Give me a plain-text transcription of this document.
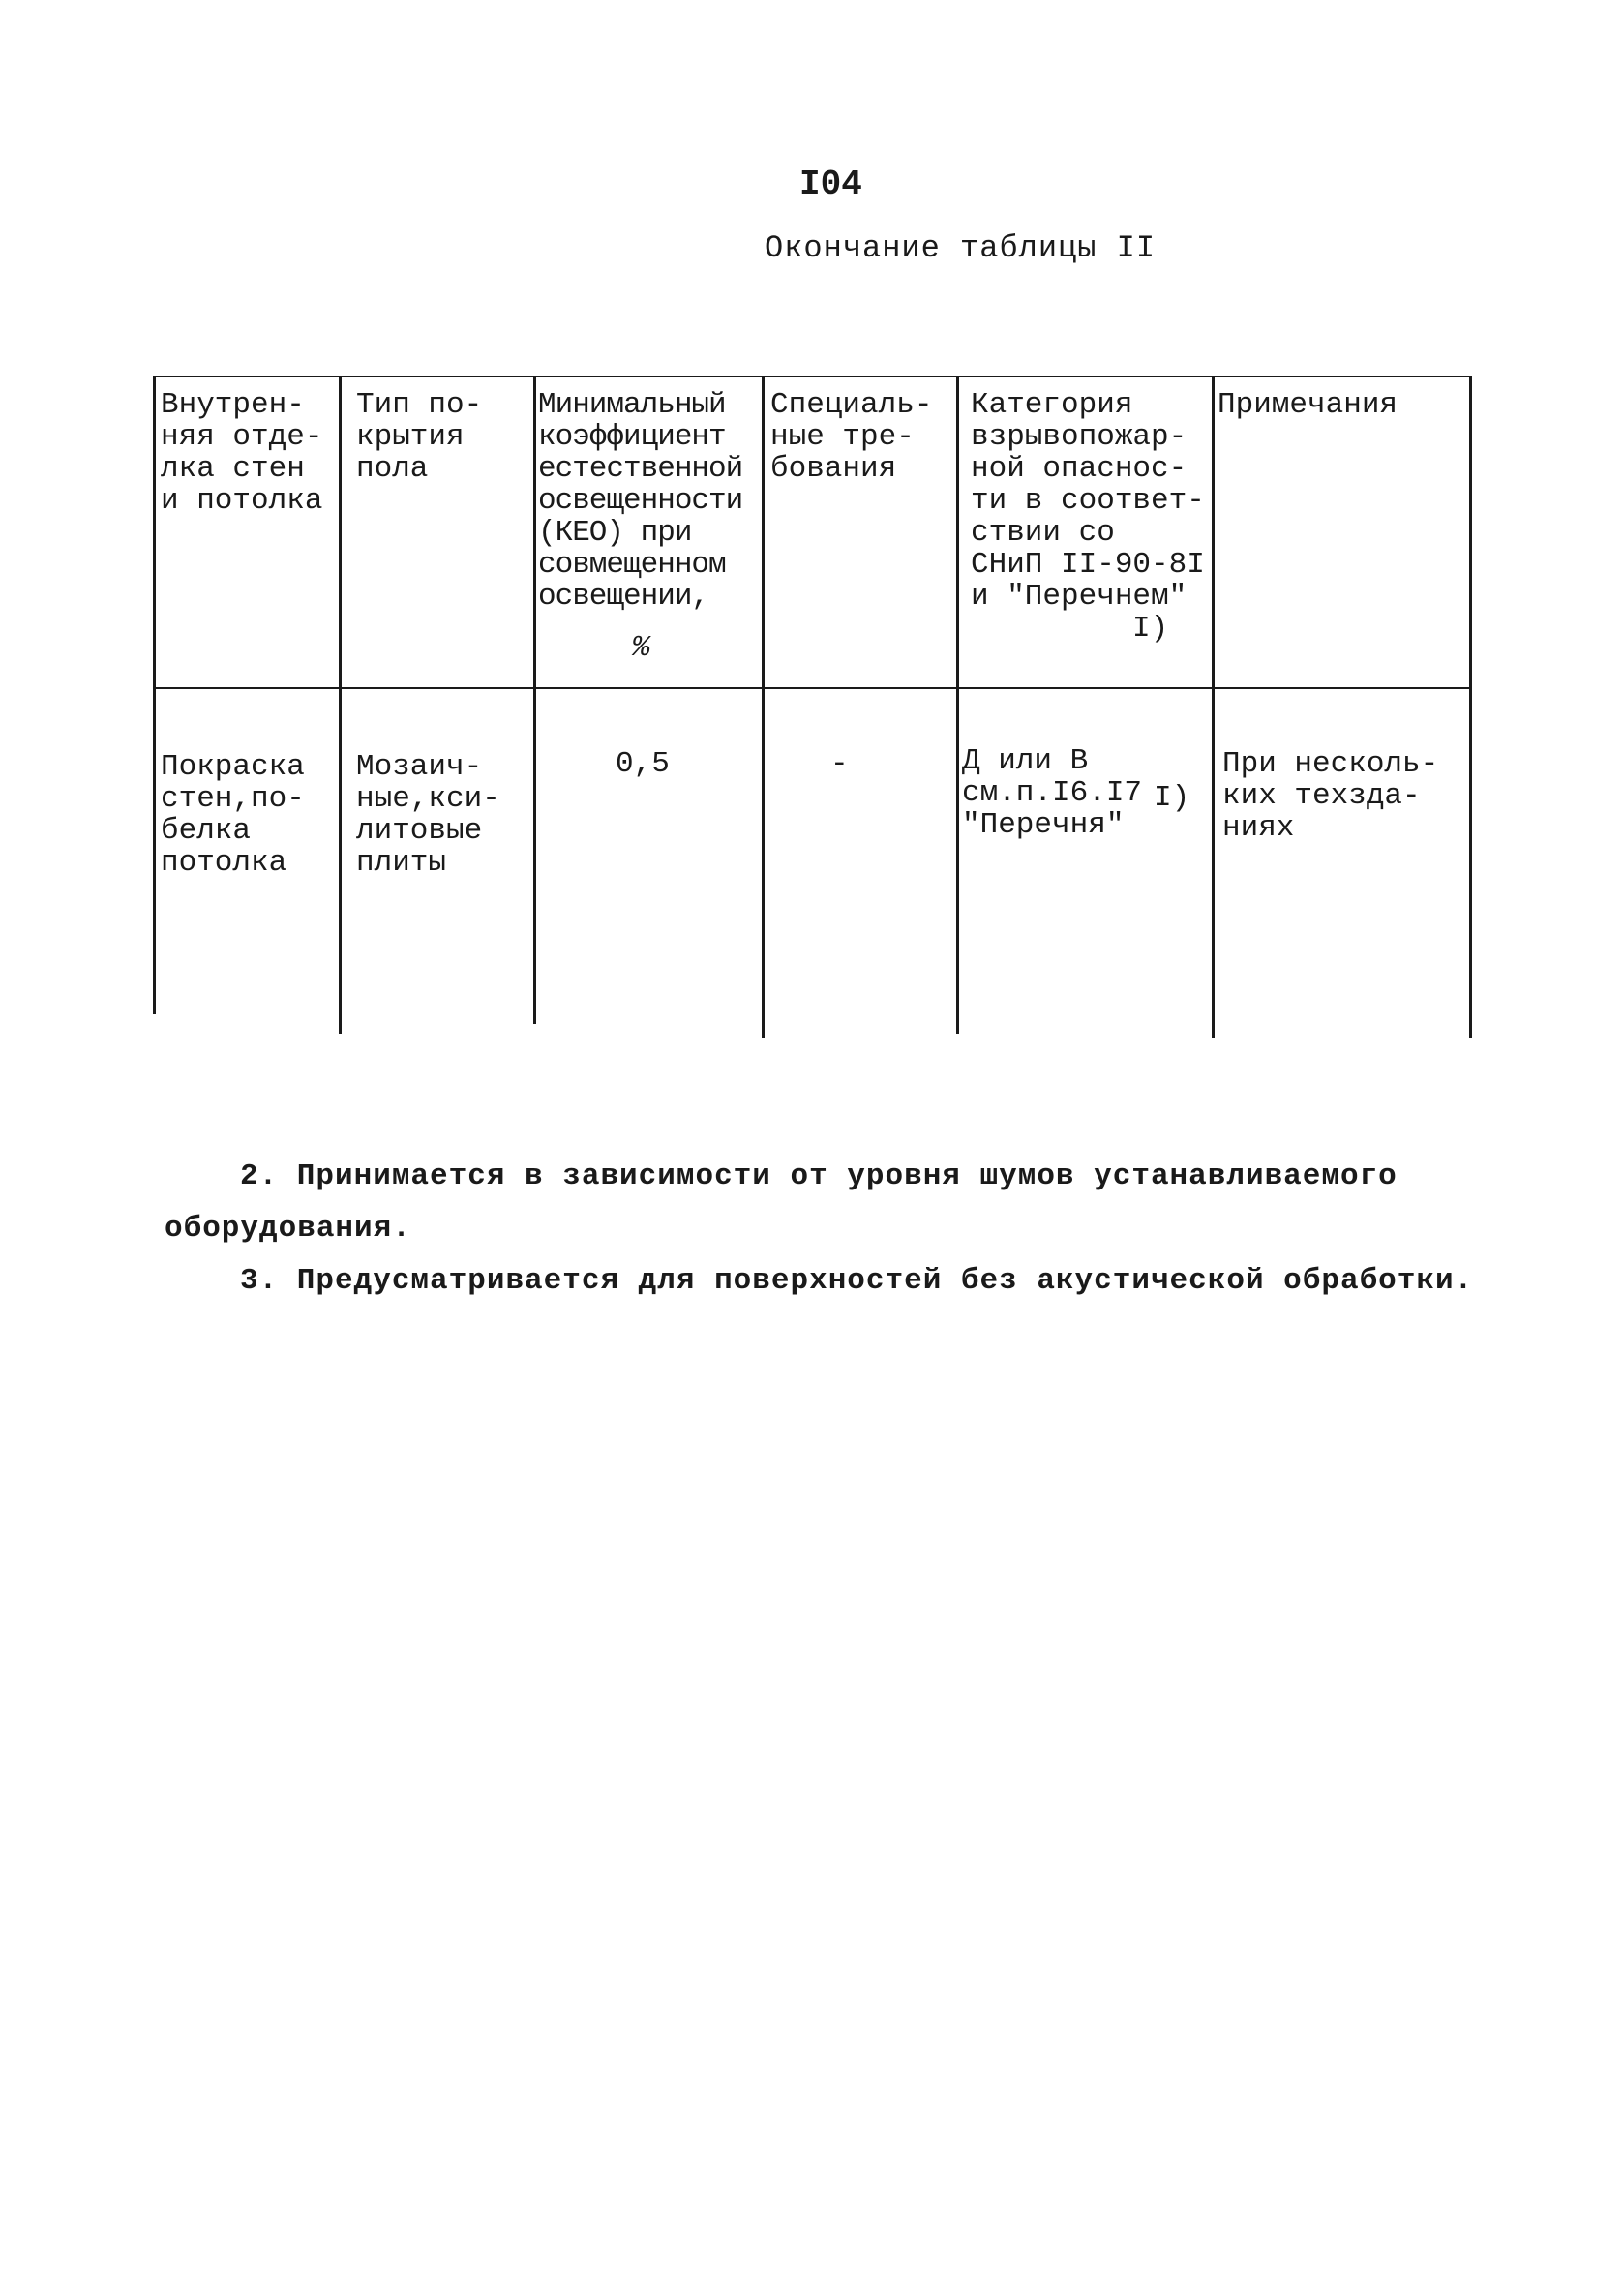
I04
Окончание таблицы II
Внутрен-
няя отде-
лка стен
и потолка
Тип по-
крытия
пола
Минимальный
коэффициент
естественной
освещенности
(КЕО) при
совмещенном
освещении,
%
Специаль-
ные тре-
бования
Категория
взрывопожар-
ной опаснос-
ти в соответ-
ствии со
СНиП II-90-8I
и "Перечнем"
I)
Примечания
Покраска
стен,по-
белка
потолка
Мозаич-
ные,кси-
литовые
плиты
0,5	-	Д или В
см.п.I6.I7
"Перечня"
I)
При несколь-
ких техзда-
ниях
2. Принимается в зависимости от уровня шумов устанавливаемого
оборудования.
3. Предусматривается для поверхностей без акустической обработки.
